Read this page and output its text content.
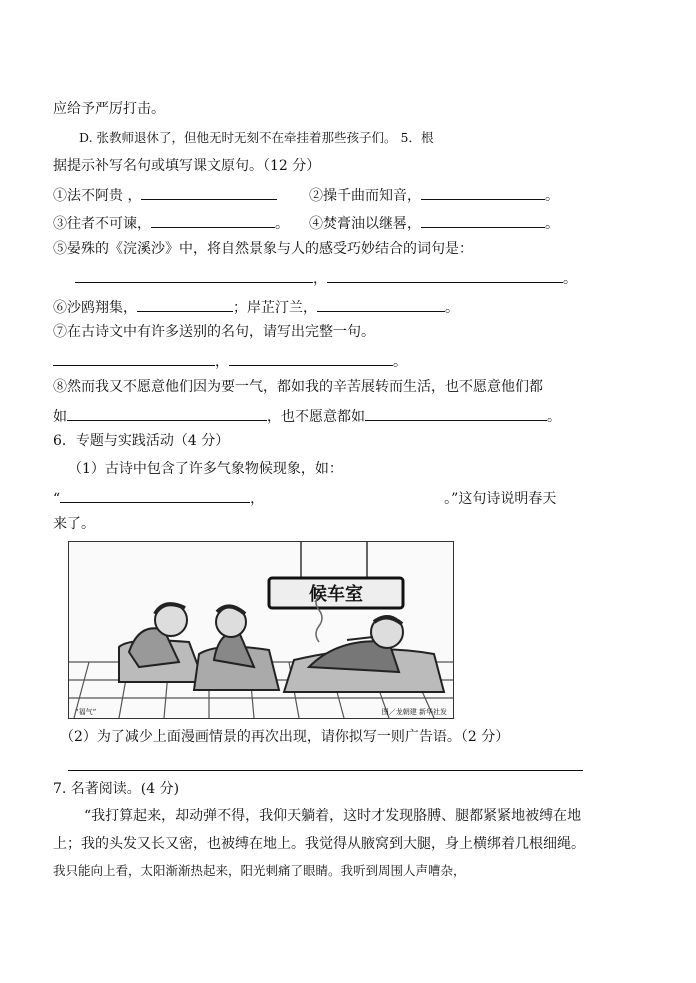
应给予严厉打击。
D. 张教师退休了，但他无时无刻不在牵挂着那些孩子们。 5．根
据提示补写名句或填写课文原句。（12 分）
①法不阿贵 ，	②操千曲而知音，	。
③往者不可谏，	。 ④焚膏油以继晷，	。
⑤晏殊的《浣溪沙》中，将自然景象与人的感受巧妙结合的词句是：
，	。
⑥沙鸥翔集，	；岸芷汀兰，	。
⑦在古诗文中有许多送别的名句，请写出完整一句。
，	。
⑧然而我又不愿意他们因为要一气，都如我的辛苦展转而生活，也不愿意他们都
如	，也不愿意都如	。
6．专题与实践活动（4 分）
（1）古诗中包含了许多气象物候现象，如：
“	，	。”这句诗说明春天
来了。
候车室
“福气”	图／龙朝建 新华社发
（2）为了减少上面漫画情景的再次出现，请你拟写一则广告语。（2 分）
7. 名著阅读。(4 分)
“我打算起来，却动弹不得，我仰天躺着，这时才发现胳膊、腿都紧紧地被缚在地
上；我的头发又长又密，也被缚在地上。我觉得从腋窝到大腿，身上横绑着几根细绳。
我只能向上看，太阳渐渐热起来，阳光刺痛了眼睛。我听到周围人声嘈杂，
